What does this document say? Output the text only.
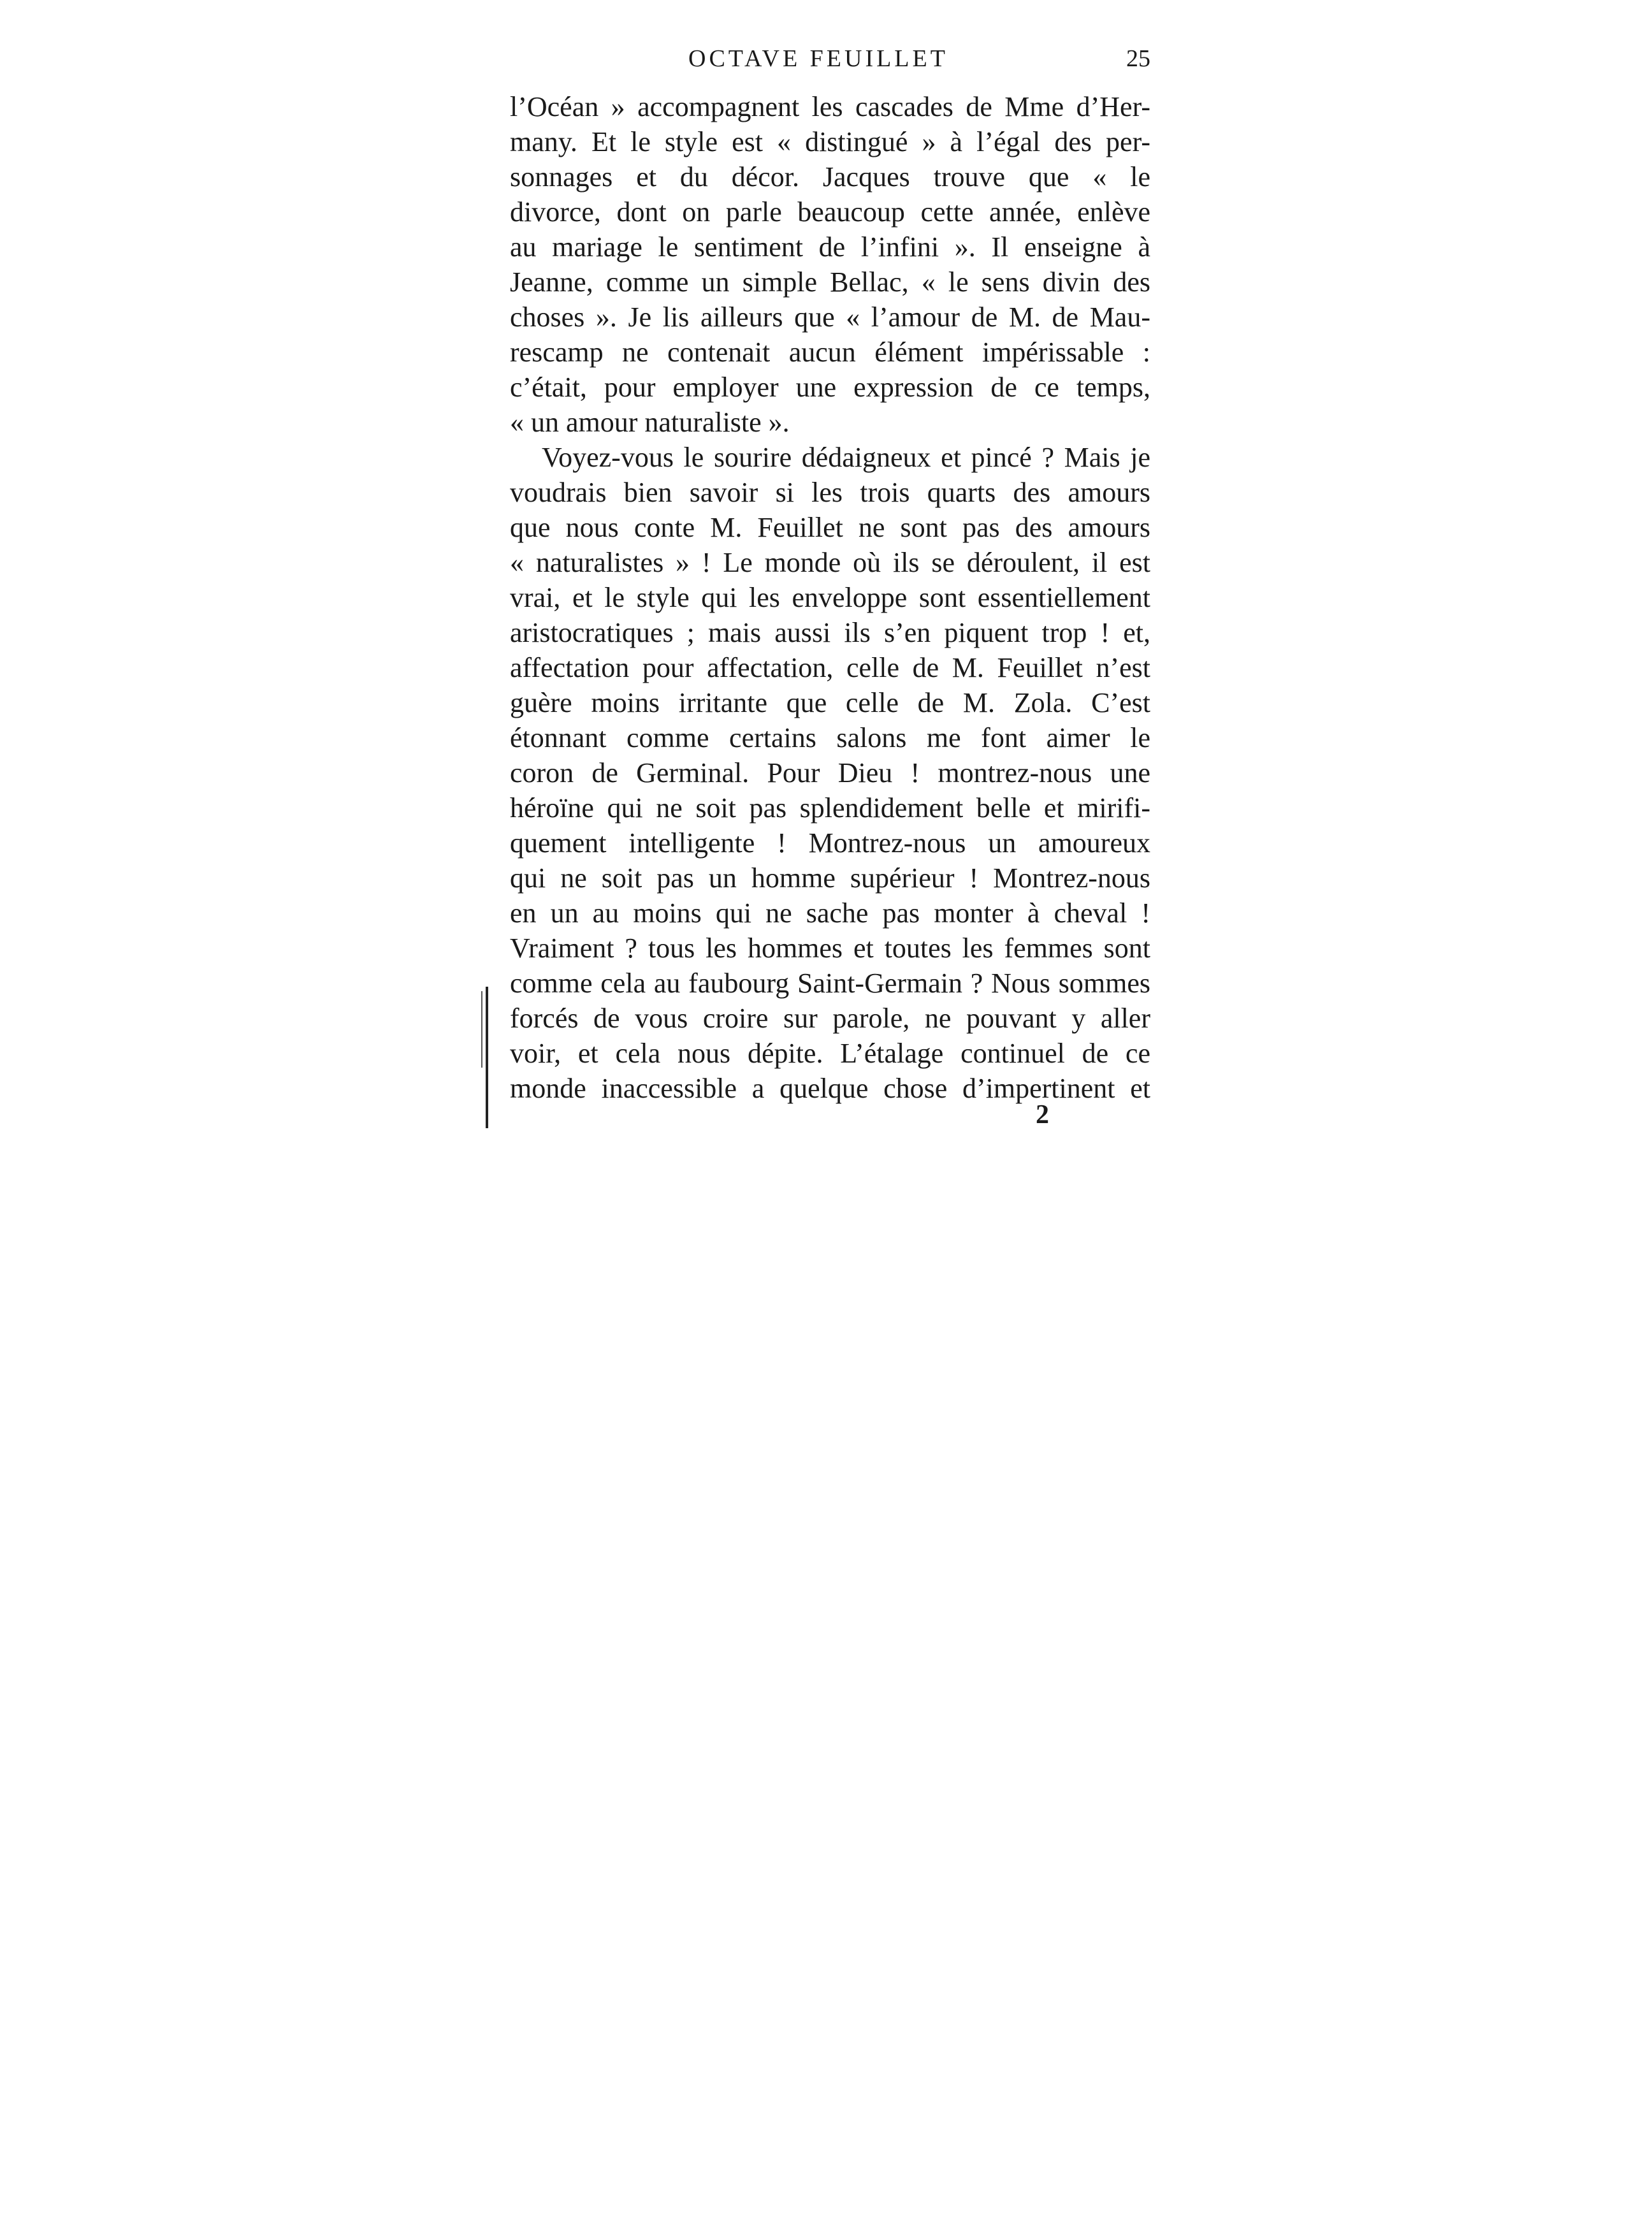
OCTAVE FEUILLET	25
l’Océan » accompagnent les cascades de Mme d’Her-
many. Et le style est « distingué » à l’égal des per-
sonnages et du décor. Jacques trouve que « le
divorce, dont on parle beaucoup cette année, enlève
au mariage le sentiment de l’infini ». Il enseigne à
Jeanne, comme un simple Bellac, « le sens divin des
choses ». Je lis ailleurs que « l’amour de M. de Mau-
rescamp ne contenait aucun élément impérissable :
c’était, pour employer une expression de ce temps,
« un amour naturaliste ».
Voyez-vous le sourire dédaigneux et pincé ? Mais je
voudrais bien savoir si les trois quarts des amours
que nous conte M. Feuillet ne sont pas des amours
« naturalistes » ! Le monde où ils se déroulent, il est
vrai, et le style qui les enveloppe sont essentiellement
aristocratiques ; mais aussi ils s’en piquent trop ! et,
affectation pour affectation, celle de M. Feuillet n’est
guère moins irritante que celle de M. Zola. C’est
étonnant comme certains salons me font aimer le
coron de Germinal. Pour Dieu ! montrez-nous une
héroïne qui ne soit pas splendidement belle et mirifi-
quement intelligente ! Montrez-nous un amoureux
qui ne soit pas un homme supérieur ! Montrez-nous
en un au moins qui ne sache pas monter à cheval !
Vraiment ? tous les hommes et toutes les femmes sont
comme cela au faubourg Saint-Germain ? Nous sommes
forcés de vous croire sur parole, ne pouvant y aller
voir, et cela nous dépite. L’étalage continuel de ce
monde inaccessible a quelque chose d’impertinent et
2
